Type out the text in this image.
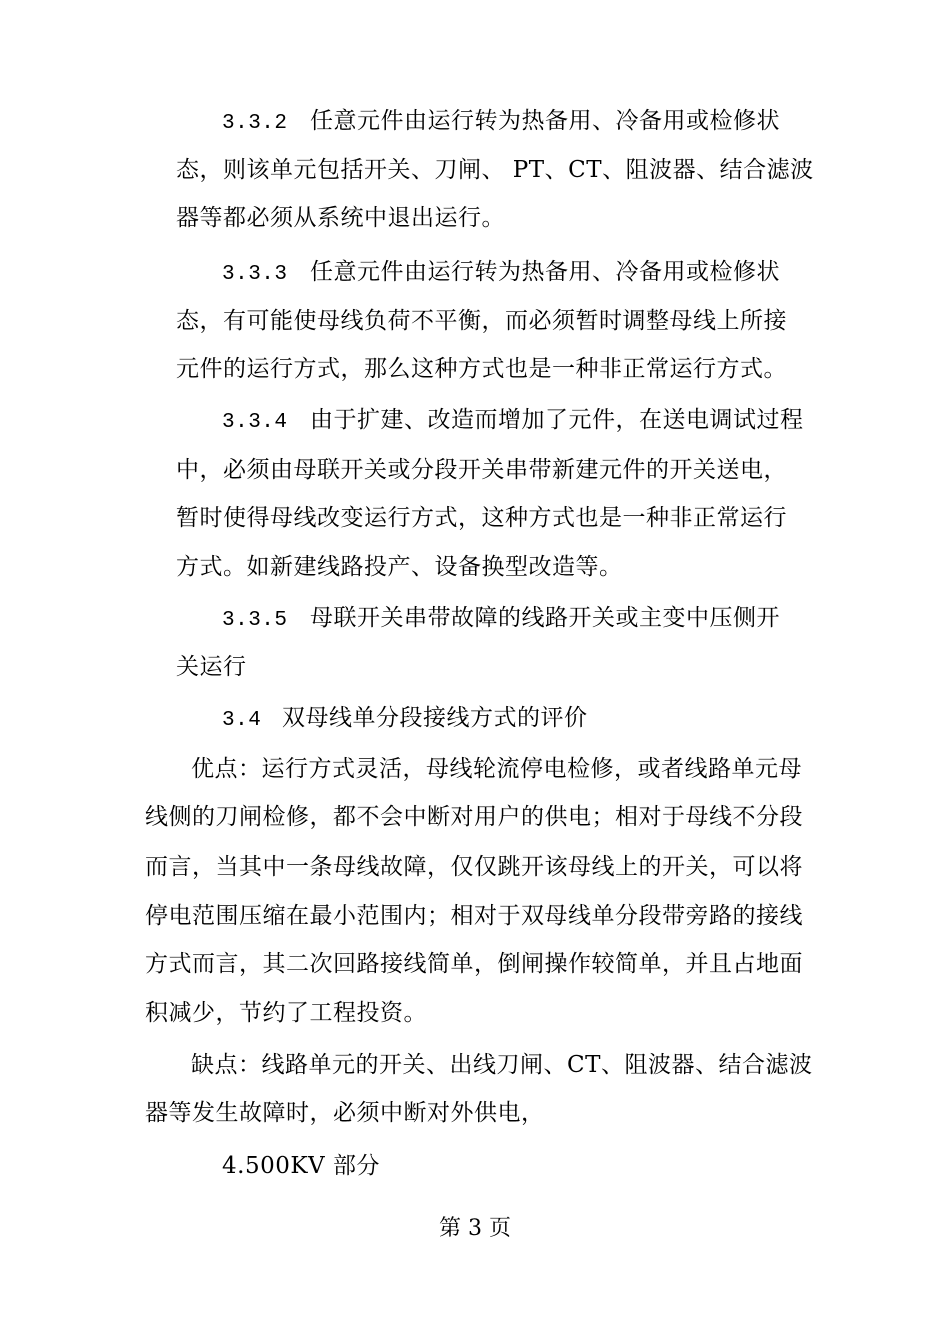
3.3.2 任意元件由运行转为热备用、冷备用或检修状
态，则该单元包括开关、刀闸、 PT、CT、阻波器、结合滤波
器等都必须从系统中退出运行。
3.3.3 任意元件由运行转为热备用、冷备用或检修状
态，有可能使母线负荷不平衡，而必须暂时调整母线上所接
元件的运行方式，那么这种方式也是一种非正常运行方式。
3.3.4 由于扩建、改造而增加了元件，在送电调试过程
中，必须由母联开关或分段开关串带新建元件的开关送电，
暂时使得母线改变运行方式，这种方式也是一种非正常运行
方式。如新建线路投产、设备换型改造等。
3.3.5 母联开关串带故障的线路开关或主变中压侧开
关运行
3.4 双母线单分段接线方式的评价
优点：运行方式灵活，母线轮流停电检修，或者线路单元母
线侧的刀闸检修，都不会中断对用户的供电；相对于母线不分段
而言，当其中一条母线故障，仅仅跳开该母线上的开关，可以将
停电范围压缩在最小范围内；相对于双母线单分段带旁路的接线
方式而言，其二次回路接线简单，倒闸操作较简单，并且占地面
积减少，节约了工程投资。
缺点：线路单元的开关、出线刀闸、CT、阻波器、结合滤波
器等发生故障时，必须中断对外供电，
4.500KV 部分
第 3 页
